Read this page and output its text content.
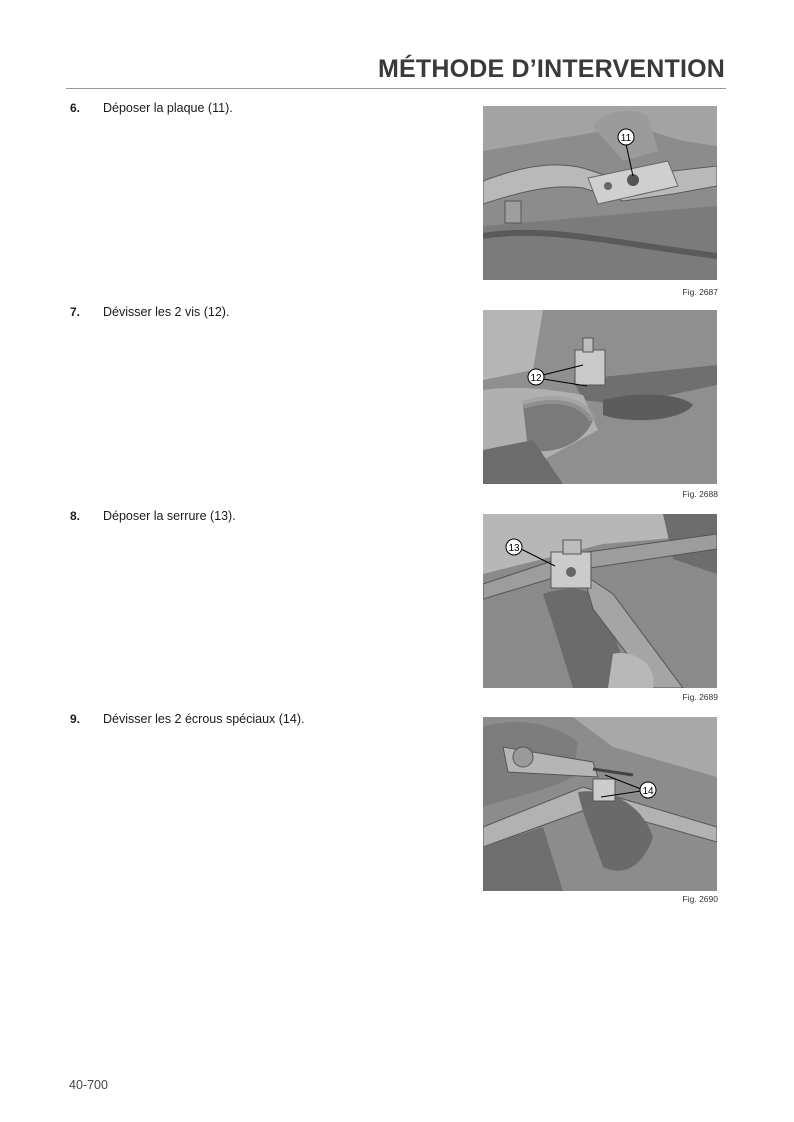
MÉTHODE D’INTERVENTION
6. Déposer la plaque (11).
11
Fig. 2687
7. Dévisser les 2 vis (12).
12
Fig. 2688
8. Déposer la serrure (13).
13
Fig. 2689
9. Dévisser les 2 écrous spéciaux (14).
14
Fig. 2690
40-700
